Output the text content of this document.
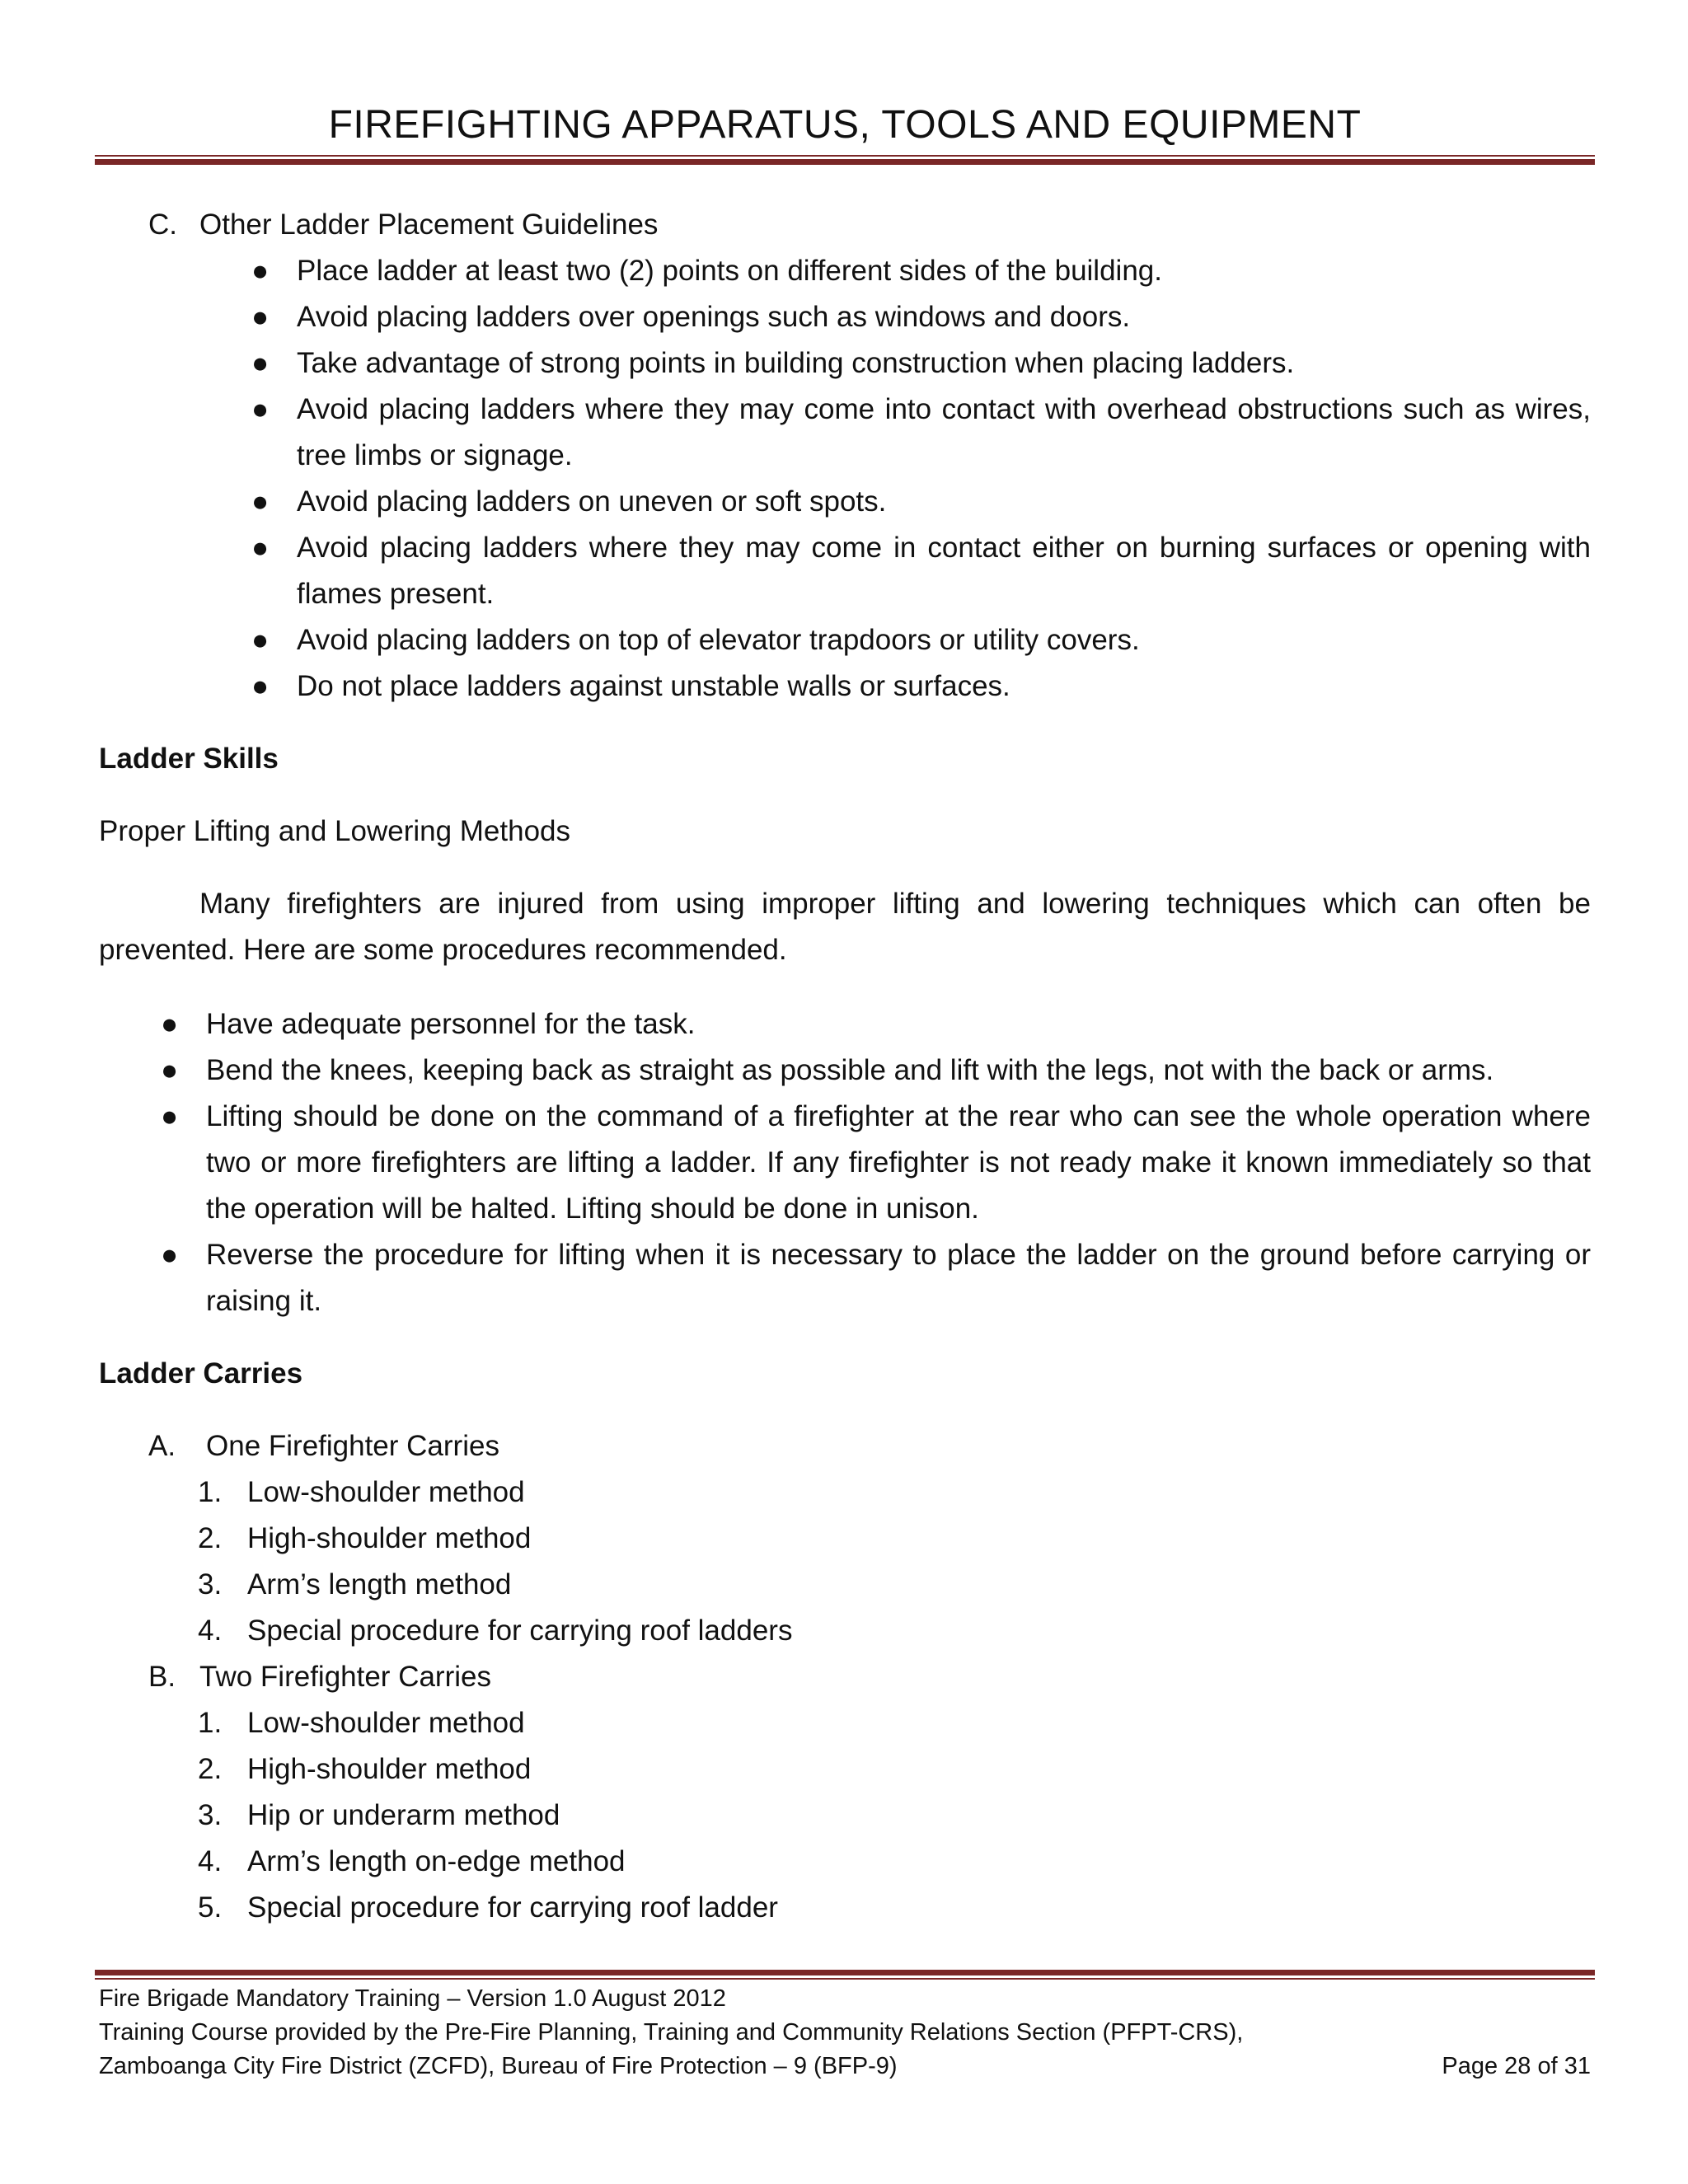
FIREFIGHTING APPARATUS, TOOLS AND EQUIPMENT

C. Other Ladder Placement Guidelines

● Place ladder at least two (2) points on different sides of the building.
● Avoid placing ladders over openings such as windows and doors.
● Take advantage of strong points in building construction when placing ladders.
● Avoid placing ladders where they may come into contact with overhead obstructions such as wires, tree limbs or signage.
● Avoid placing ladders on uneven or soft spots.
● Avoid placing ladders where they may come in contact either on burning surfaces or opening with flames present.
● Avoid placing ladders on top of elevator trapdoors or utility covers.
● Do not place ladders against unstable walls or surfaces.

Ladder Skills

Proper Lifting and Lowering Methods

Many firefighters are injured from using improper lifting and lowering techniques which can often be prevented. Here are some procedures recommended.

● Have adequate personnel for the task.
● Bend the knees, keeping back as straight as possible and lift with the legs, not with the back or arms.
● Lifting should be done on the command of a firefighter at the rear who can see the whole operation where two or more firefighters are lifting a ladder. If any firefighter is not ready make it known immediately so that the operation will be halted. Lifting should be done in unison.
● Reverse the procedure for lifting when it is necessary to place the ladder on the ground before carrying or raising it.

Ladder Carries

A. One Firefighter Carries

1. Low-shoulder method
2. High-shoulder method
3. Arm’s length method
4. Special procedure for carrying roof ladders

B. Two Firefighter Carries

1. Low-shoulder method
2. High-shoulder method
3. Hip or underarm method
4. Arm’s length on-edge method
5. Special procedure for carrying roof ladder
Fire Brigade Mandatory Training – Version 1.0 August 2012
Training Course provided by the Pre-Fire Planning, Training and Community Relations Section (PFPT-CRS),
Zamboanga City Fire District (ZCFD), Bureau of Fire Protection – 9 (BFP-9)	Page 28 of 31
